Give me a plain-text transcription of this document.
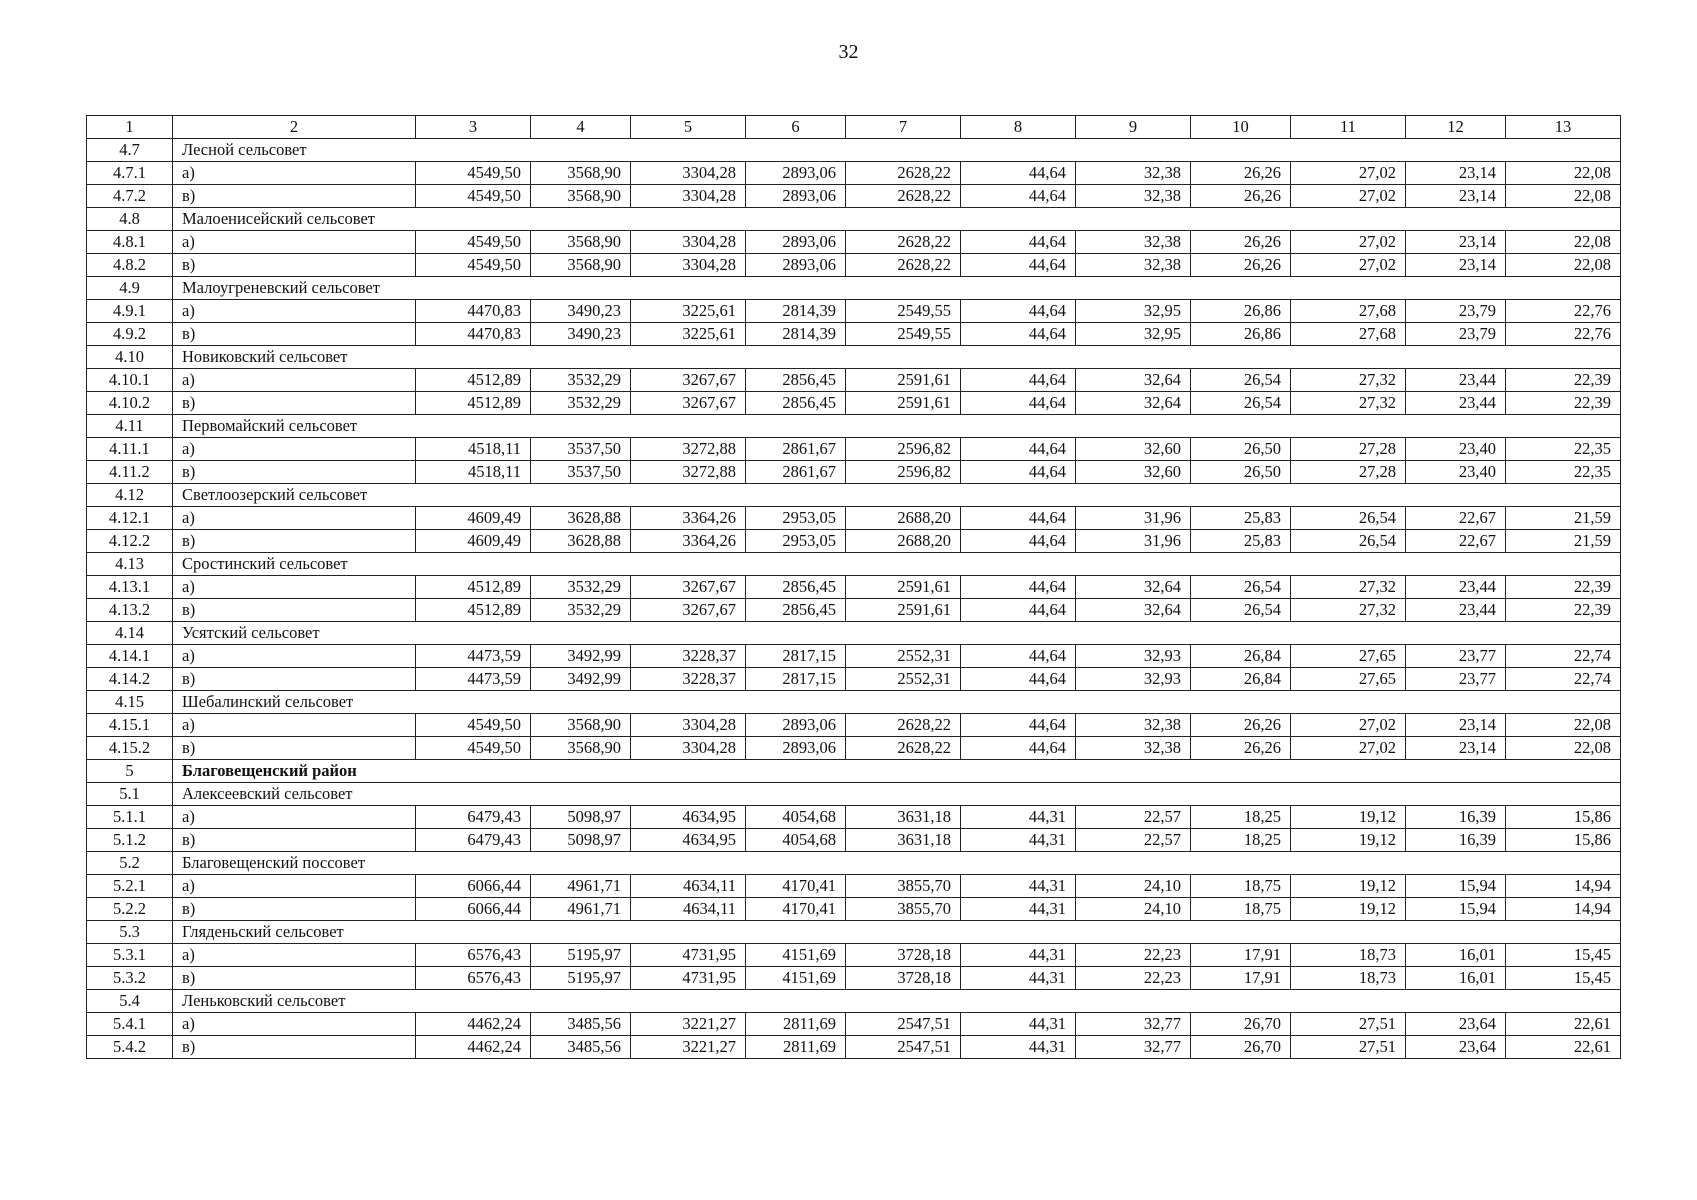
32
1	2	3	4	5	6	7	8	9	10	11	12	13
4.7	Лесной сельсовет											
4.7.1	а)	4549,50	3568,90	3304,28	2893,06	2628,22	44,64	32,38	26,26	27,02	23,14	22,08
4.7.2	в)	4549,50	3568,90	3304,28	2893,06	2628,22	44,64	32,38	26,26	27,02	23,14	22,08
4.8	Малоенисейский сельсовет											
4.8.1	а)	4549,50	3568,90	3304,28	2893,06	2628,22	44,64	32,38	26,26	27,02	23,14	22,08
4.8.2	в)	4549,50	3568,90	3304,28	2893,06	2628,22	44,64	32,38	26,26	27,02	23,14	22,08
4.9	Малоугреневский сельсовет											
4.9.1	а)	4470,83	3490,23	3225,61	2814,39	2549,55	44,64	32,95	26,86	27,68	23,79	22,76
4.9.2	в)	4470,83	3490,23	3225,61	2814,39	2549,55	44,64	32,95	26,86	27,68	23,79	22,76
4.10	Новиковский сельсовет											
4.10.1	а)	4512,89	3532,29	3267,67	2856,45	2591,61	44,64	32,64	26,54	27,32	23,44	22,39
4.10.2	в)	4512,89	3532,29	3267,67	2856,45	2591,61	44,64	32,64	26,54	27,32	23,44	22,39
4.11	Первомайский сельсовет											
4.11.1	а)	4518,11	3537,50	3272,88	2861,67	2596,82	44,64	32,60	26,50	27,28	23,40	22,35
4.11.2	в)	4518,11	3537,50	3272,88	2861,67	2596,82	44,64	32,60	26,50	27,28	23,40	22,35
4.12	Светлоозерский сельсовет											
4.12.1	а)	4609,49	3628,88	3364,26	2953,05	2688,20	44,64	31,96	25,83	26,54	22,67	21,59
4.12.2	в)	4609,49	3628,88	3364,26	2953,05	2688,20	44,64	31,96	25,83	26,54	22,67	21,59
4.13	Сростинский сельсовет											
4.13.1	а)	4512,89	3532,29	3267,67	2856,45	2591,61	44,64	32,64	26,54	27,32	23,44	22,39
4.13.2	в)	4512,89	3532,29	3267,67	2856,45	2591,61	44,64	32,64	26,54	27,32	23,44	22,39
4.14	Усятский сельсовет											
4.14.1	а)	4473,59	3492,99	3228,37	2817,15	2552,31	44,64	32,93	26,84	27,65	23,77	22,74
4.14.2	в)	4473,59	3492,99	3228,37	2817,15	2552,31	44,64	32,93	26,84	27,65	23,77	22,74
4.15	Шебалинский сельсовет											
4.15.1	а)	4549,50	3568,90	3304,28	2893,06	2628,22	44,64	32,38	26,26	27,02	23,14	22,08
4.15.2	в)	4549,50	3568,90	3304,28	2893,06	2628,22	44,64	32,38	26,26	27,02	23,14	22,08
5	Благовещенский район											
5.1	Алексеевский сельсовет											
5.1.1	а)	6479,43	5098,97	4634,95	4054,68	3631,18	44,31	22,57	18,25	19,12	16,39	15,86
5.1.2	в)	6479,43	5098,97	4634,95	4054,68	3631,18	44,31	22,57	18,25	19,12	16,39	15,86
5.2	Благовещенский поссовет											
5.2.1	а)	6066,44	4961,71	4634,11	4170,41	3855,70	44,31	24,10	18,75	19,12	15,94	14,94
5.2.2	в)	6066,44	4961,71	4634,11	4170,41	3855,70	44,31	24,10	18,75	19,12	15,94	14,94
5.3	Гляденьский сельсовет											
5.3.1	а)	6576,43	5195,97	4731,95	4151,69	3728,18	44,31	22,23	17,91	18,73	16,01	15,45
5.3.2	в)	6576,43	5195,97	4731,95	4151,69	3728,18	44,31	22,23	17,91	18,73	16,01	15,45
5.4	Леньковский сельсовет											
5.4.1	а)	4462,24	3485,56	3221,27	2811,69	2547,51	44,31	32,77	26,70	27,51	23,64	22,61
5.4.2	в)	4462,24	3485,56	3221,27	2811,69	2547,51	44,31	32,77	26,70	27,51	23,64	22,61
